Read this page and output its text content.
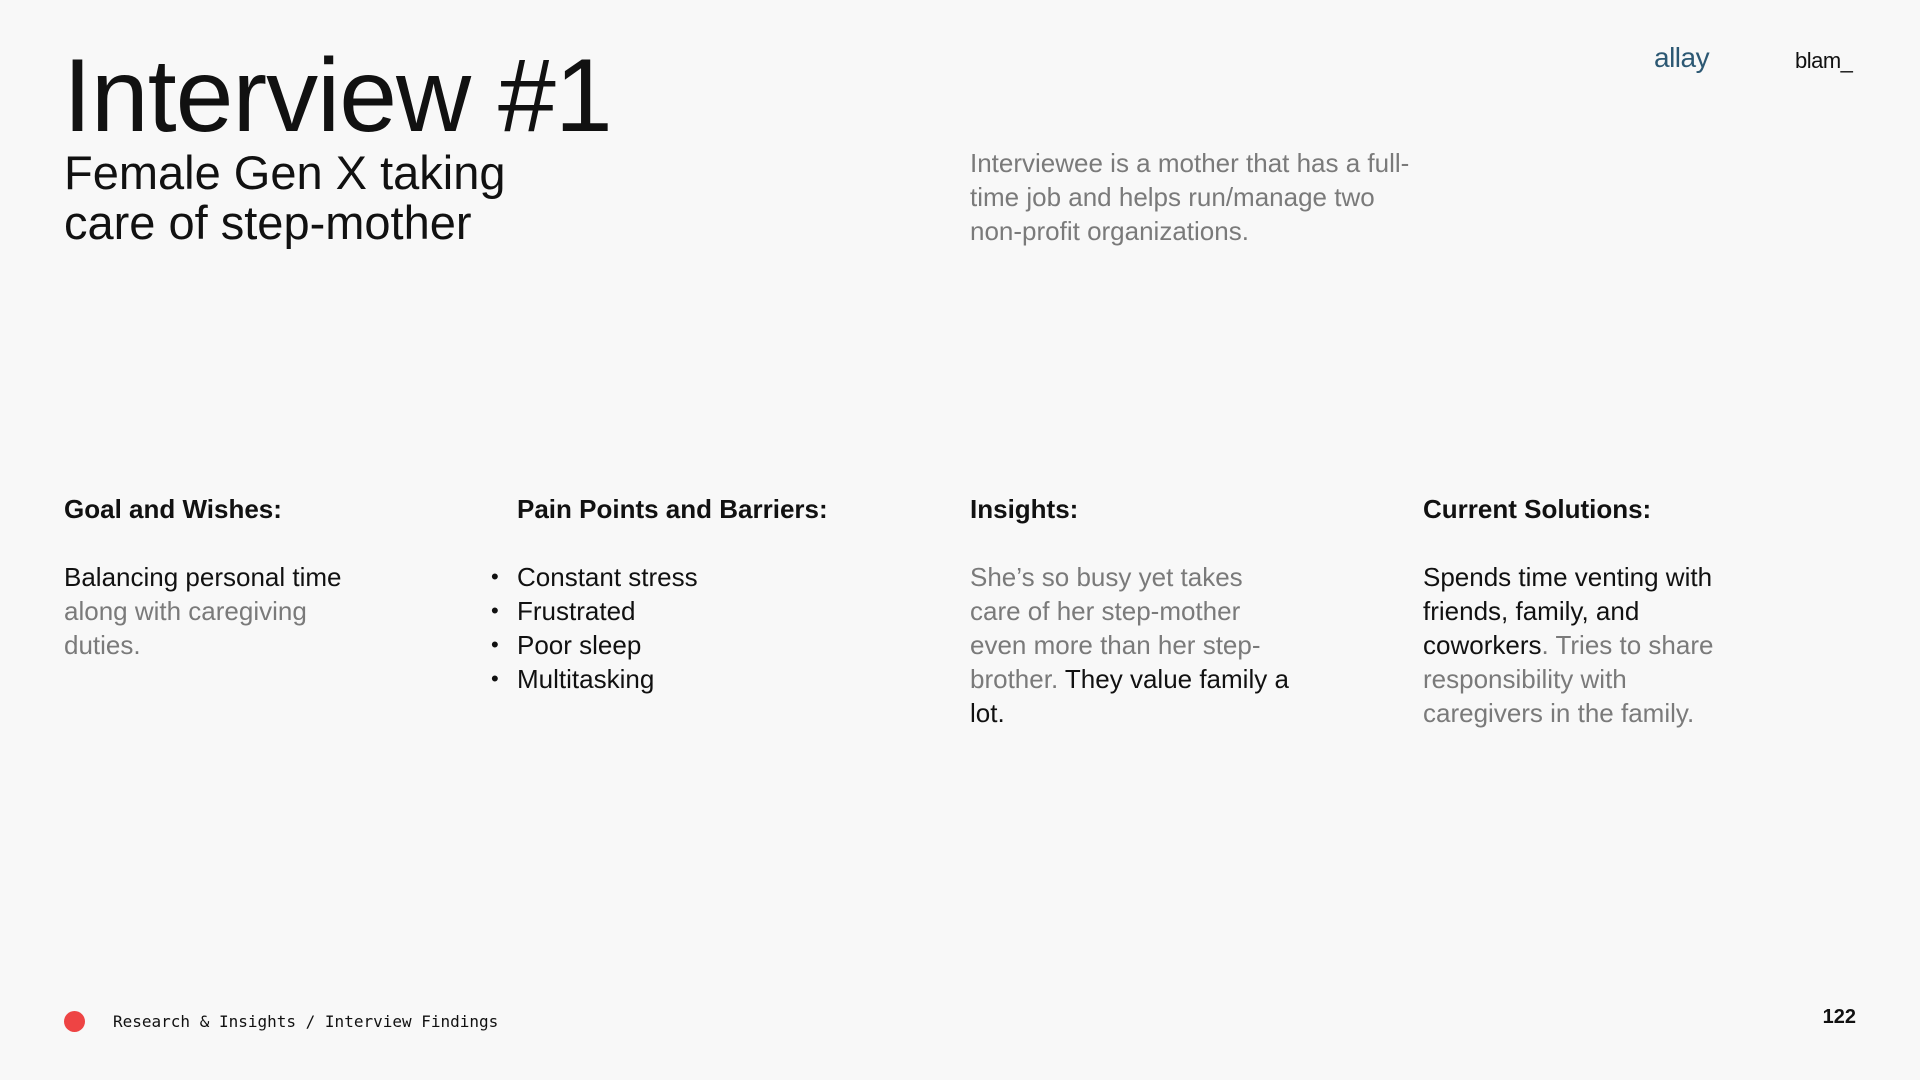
Interview #1
Female Gen X taking care of step-mother
Interviewee is a mother that has a full-time job and helps run/manage two non-profit organizations.
allay	blam_
Goal and Wishes:

Balancing personal time along with caregiving duties.

Pain Points and Barriers:
• Constant stress
• Frustrated
• Poor sleep
• Multitasking
Insights:

She’s so busy yet takes care of her step-mother even more than her step-brother. They value family a lot.

Current Solutions:

Spends time venting with friends, family, and coworkers. Tries to share responsibility with caregivers in the family.

Research & Insights / Interview Findings	122
